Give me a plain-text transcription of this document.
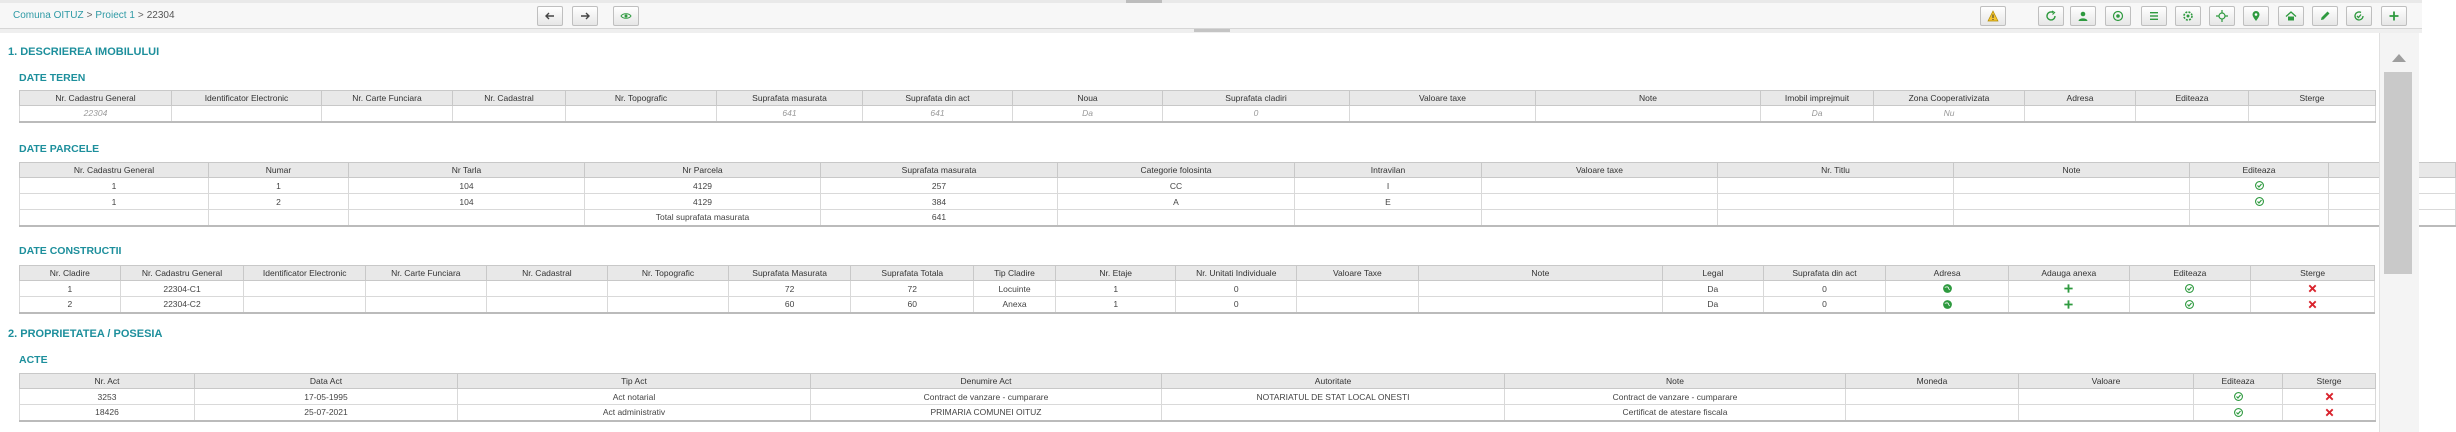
Comuna OITUZ > Proiect 1 > 22304
1. DESCRIEREA IMOBILULUI
DATE TEREN
Nr. Cadastru General	Identificator Electronic	Nr. Carte Funciara	Nr. Cadastral	Nr. Topografic	Suprafata masurata	Suprafata din act	Noua	Suprafata cladiri	Valoare taxe	Note	Imobil imprejmuit	Zona Cooperativizata	Adresa	Editeaza	Sterge
22304					641	641	Da	0			Da	Nu			
DATE PARCELE
Nr. Cadastru General	Numar	Nr Tarla	Nr Parcela	Suprafata masurata	Categorie folosinta	Intravilan	Valoare taxe	Nr. Titlu	Note	Editeaza	
1	1	104	4129	257	CC	I				

1	2	104	4129	384	A	E				

			Total suprafata masurata	641							
DATE CONSTRUCTII
Nr. Cladire	Nr. Cadastru General	Identificator Electronic	Nr. Carte Funciara	Nr. Cadastral	Nr. Topografic	Suprafata Masurata	Suprafata Totala	Tip Cladire	Nr. Etaje	Nr. Unitati Individuale	Valoare Taxe	Note	Legal	Suprafata din act	Adresa	Adauga anexa	Editeaza	Sterge
1	22304-C1					72	72	Locuinte	1	0			Da	0	

2	22304-C2					60	60	Anexa	1	0			Da	0	

2. PROPRIETATEA / POSESIA
ACTE
Nr. Act	Data Act	Tip Act	Denumire Act	Autoritate	Note	Moneda	Valoare	Editeaza	Sterge
3253	17-05-1995	Act notarial	Contract de vanzare - cumparare	NOTARIATUL DE STAT LOCAL ONESTI	Contract de vanzare - cumparare			

18426	25-07-2021	Act administrativ	PRIMARIA COMUNEI OITUZ		Certificat de atestare fiscala			
